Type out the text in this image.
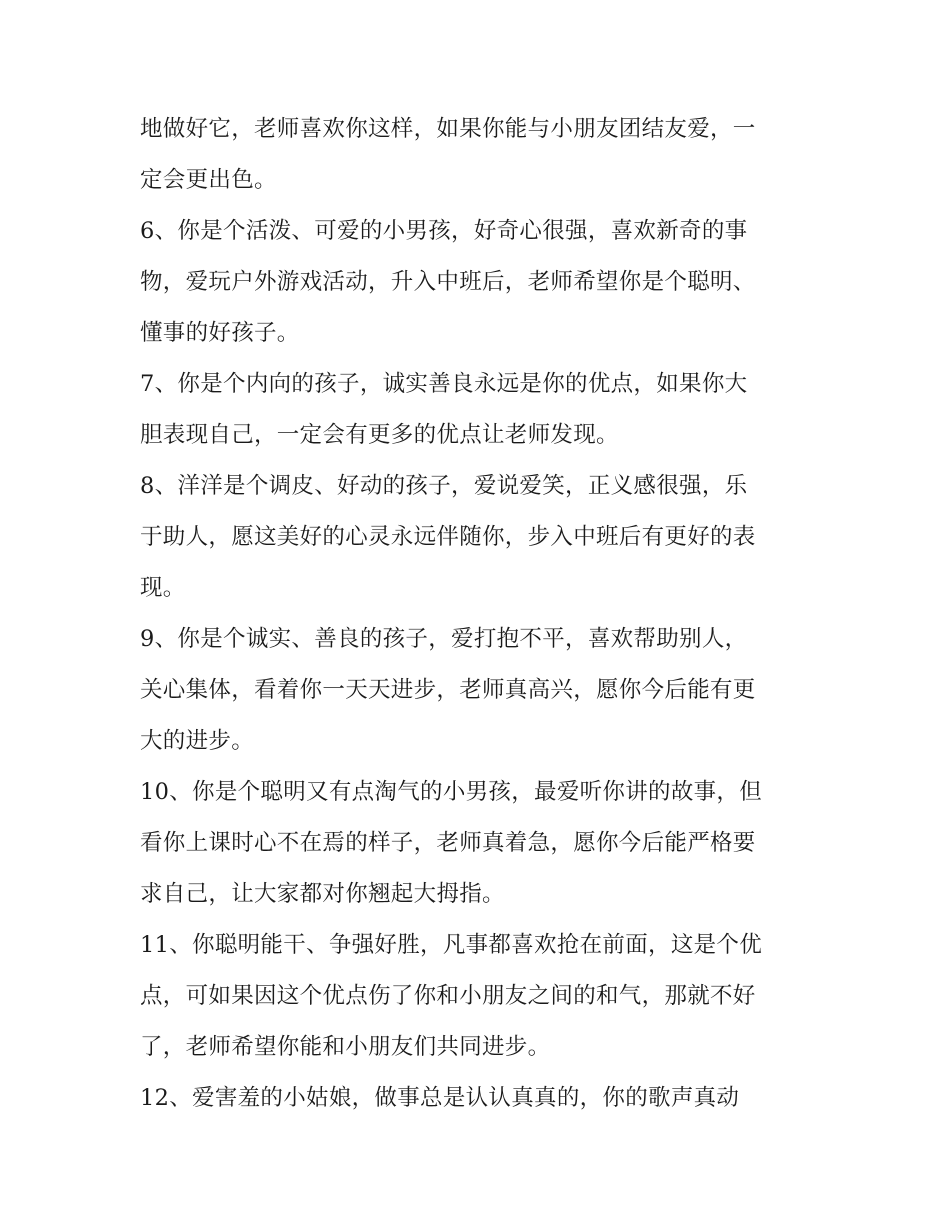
地做好它，老师喜欢你这样，如果你能与小朋友团结友爱，一
定会更出色。
6、你是个活泼、可爱的小男孩，好奇心很强，喜欢新奇的事
物，爱玩户外游戏活动，升入中班后，老师希望你是个聪明、
懂事的好孩子。
7、你是个内向的孩子，诚实善良永远是你的优点，如果你大
胆表现自己，一定会有更多的优点让老师发现。
8、洋洋是个调皮、好动的孩子，爱说爱笑，正义感很强，乐
于助人，愿这美好的心灵永远伴随你，步入中班后有更好的表
现。
9、你是个诚实、善良的孩子，爱打抱不平，喜欢帮助别人，
关心集体，看着你一天天进步，老师真高兴，愿你今后能有更
大的进步。
10、你是个聪明又有点淘气的小男孩，最爱听你讲的故事，但
看你上课时心不在焉的样子，老师真着急，愿你今后能严格要
求自己，让大家都对你翘起大拇指。
11、你聪明能干、争强好胜，凡事都喜欢抢在前面，这是个优
点，可如果因这个优点伤了你和小朋友之间的和气，那就不好
了，老师希望你能和小朋友们共同进步。
12、爱害羞的小姑娘，做事总是认认真真的，你的歌声真动
